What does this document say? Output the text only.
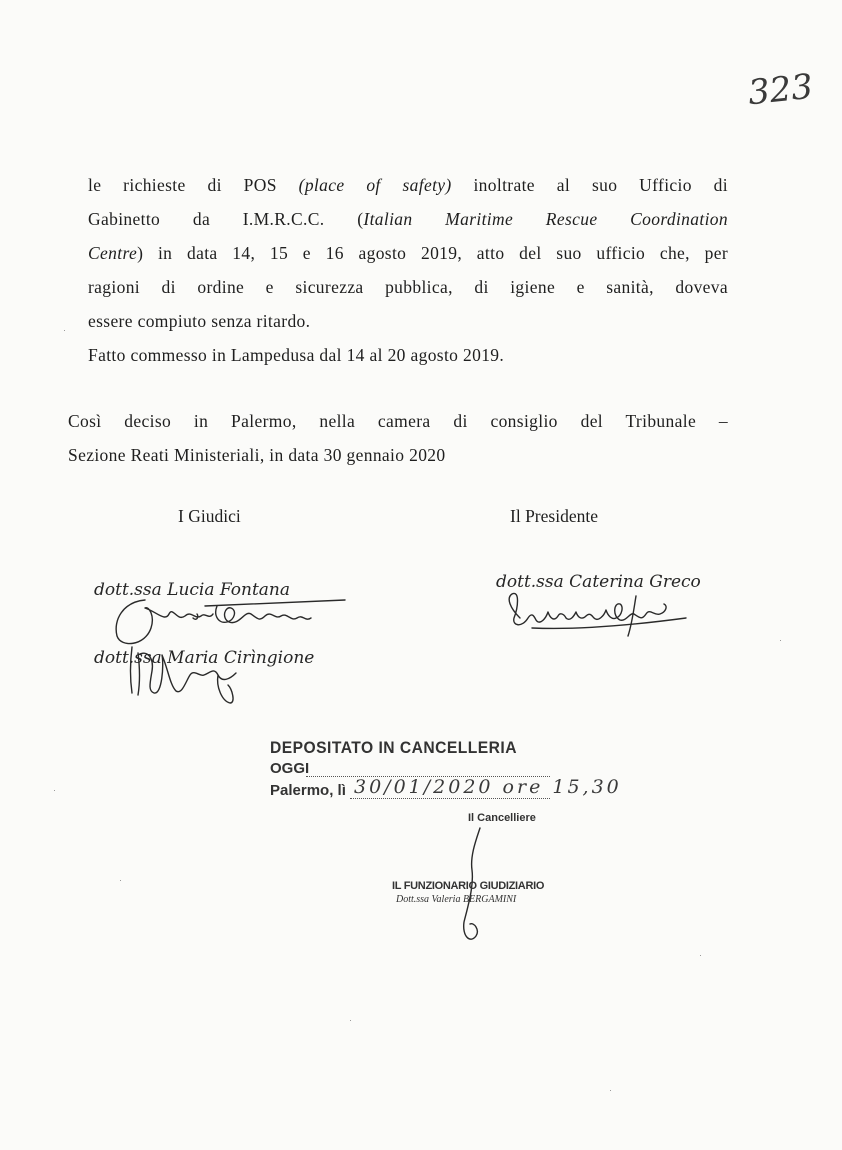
323
le richieste di POS (place of safety) inoltrate al suo Ufficio di
Gabinetto da I.M.R.C.C. (Italian Maritime Rescue Coordination
Centre) in data 14, 15 e 16 agosto 2019, atto del suo ufficio che, per
ragioni di ordine e sicurezza pubblica, di igiene e sanità, doveva
essere compiuto senza ritardo.
Fatto commesso in Lampedusa dal 14 al 20 agosto 2019.
Così deciso in Palermo, nella camera di consiglio del Tribunale –
Sezione Reati Ministeriali, in data 30 gennaio 2020
I Giudici	Il Presidente
dott.ssa Lucia Fontana
dott.ssa Maria Cirìngione
dott.ssa Caterina Greco
DEPOSITATO IN CANCELLERIA
OGGI
Palermo, lì 30/01/2020 ore 15,30
Il Cancelliere
IL FUNZIONARIO GIUDIZIARIO
Dott.ssa Valeria BERGAMINI
